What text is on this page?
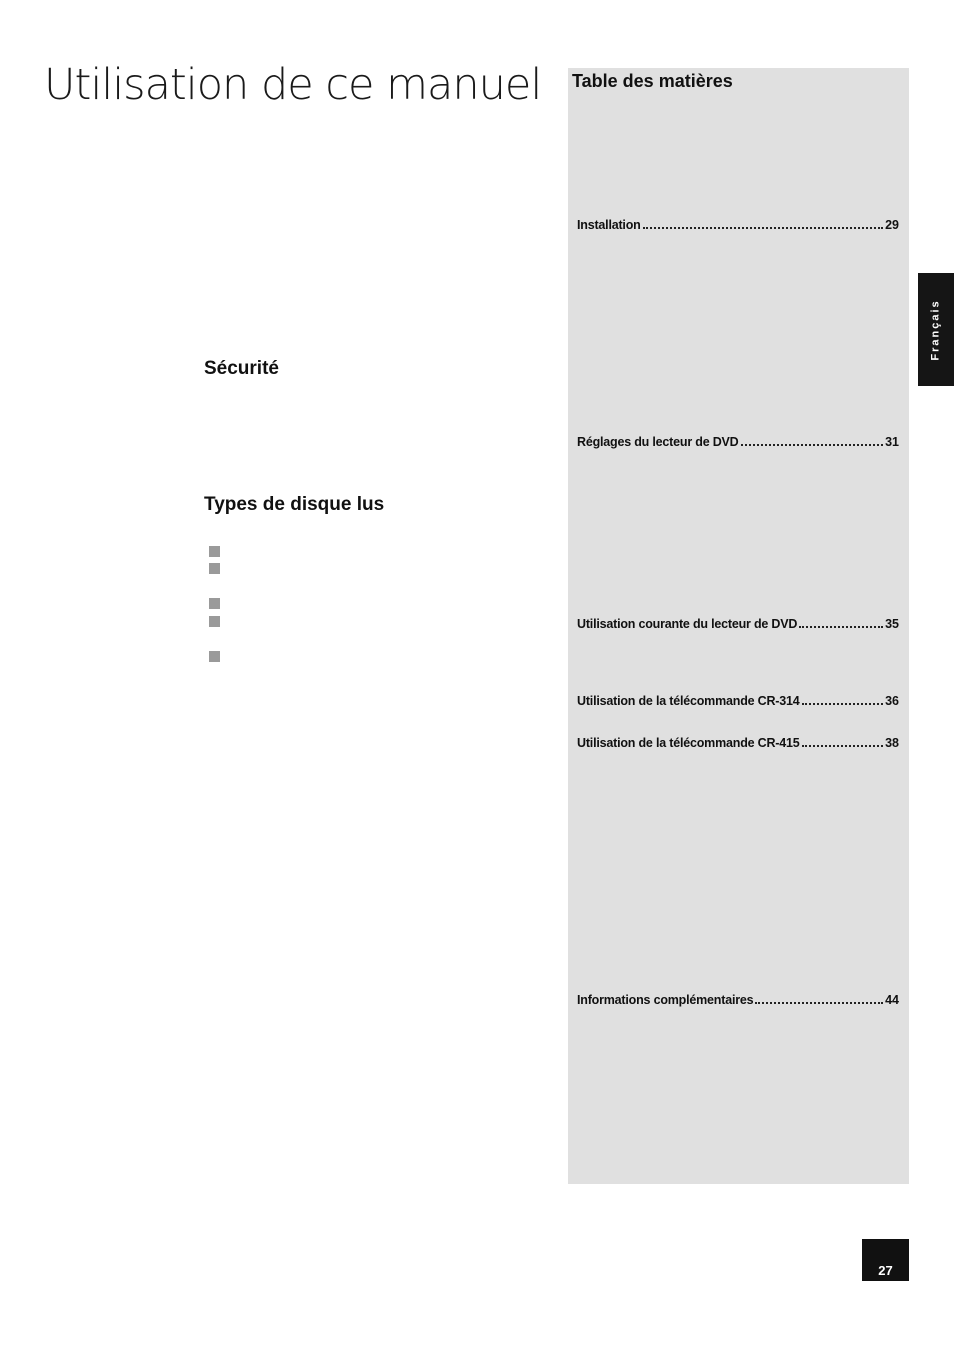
Utilisation de ce manuel
Sécurité
Types de disque lus
Table des matières
Installation	29
Réglages du lecteur de DVD	31
Utilisation courante du lecteur de DVD	35
Utilisation de la télécommande CR-314	36
Utilisation de la télécommande CR-415	38
Informations complémentaires	44
Français
27
